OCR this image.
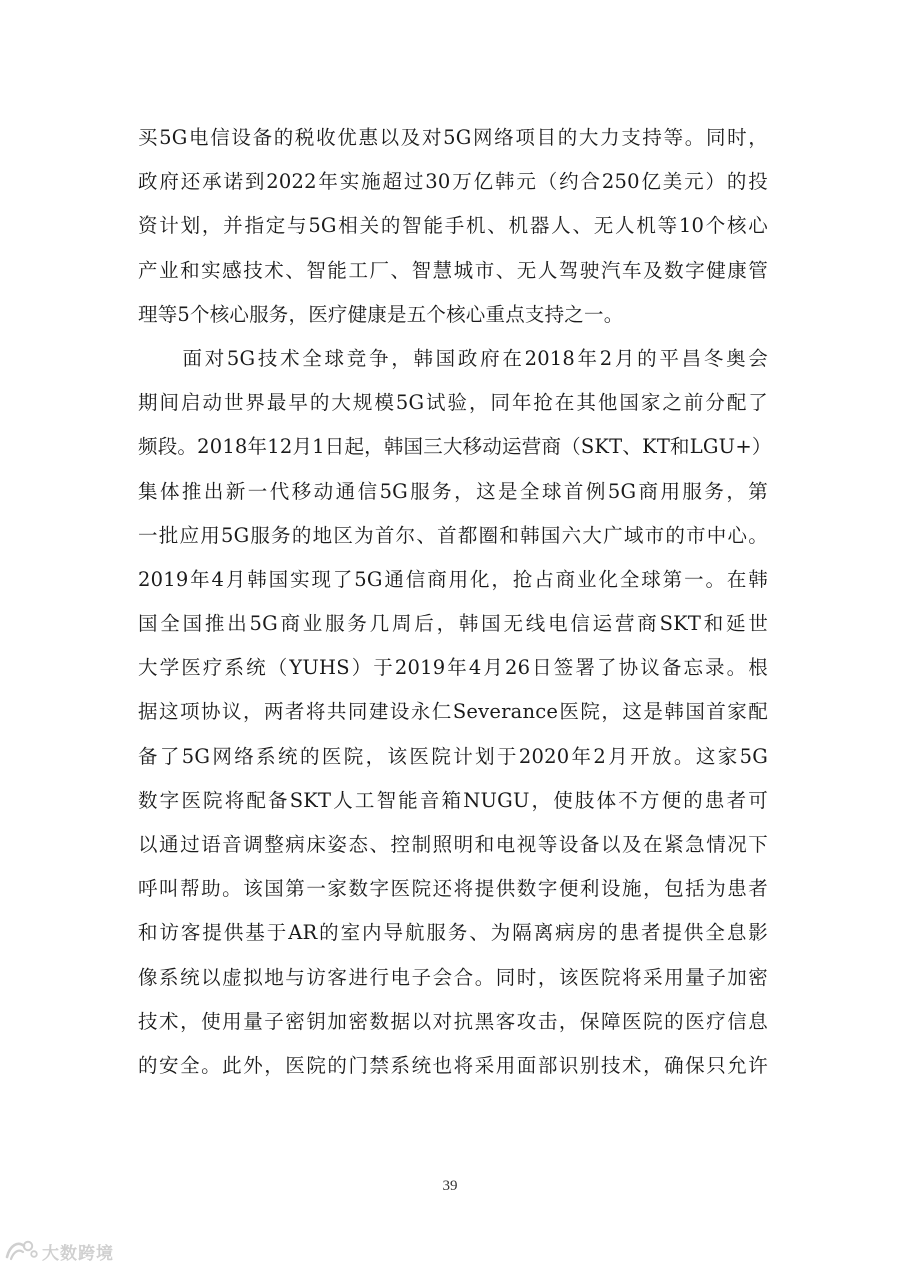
买5G电信设备的税收优惠以及对5G网络项目的大力支持等。同时，
政府还承诺到2022年实施超过30万亿韩元（约合250亿美元）的投
资计划，并指定与5G相关的智能手机、机器人、无人机等10个核心
产业和实感技术、智能工厂、智慧城市、无人驾驶汽车及数字健康管
理等5个核心服务，医疗健康是五个核心重点支持之一。
　　面对5G技术全球竞争，韩国政府在2018年2月的平昌冬奥会
期间启动世界最早的大规模5G试验，同年抢在其他国家之前分配了
频段。2018年12月1日起，韩国三大移动运营商（SKT、KT和LGU+）
集体推出新一代移动通信5G服务，这是全球首例5G商用服务，第
一批应用5G服务的地区为首尔、首都圈和韩国六大广域市的市中心。
2019年4月韩国实现了5G通信商用化，抢占商业化全球第一。在韩
国全国推出5G商业服务几周后，韩国无线电信运营商SKT和延世
大学医疗系统（YUHS）于2019年4月26日签署了协议备忘录。根
据这项协议，两者将共同建设永仁Severance医院，这是韩国首家配
备了5G网络系统的医院，该医院计划于2020年2月开放。这家5G
数字医院将配备SKT人工智能音箱NUGU，使肢体不方便的患者可
以通过语音调整病床姿态、控制照明和电视等设备以及在紧急情况下
呼叫帮助。该国第一家数字医院还将提供数字便利设施，包括为患者
和访客提供基于AR的室内导航服务、为隔离病房的患者提供全息影
像系统以虚拟地与访客进行电子会合。同时，该医院将采用量子加密
技术，使用量子密钥加密数据以对抗黑客攻击，保障医院的医疗信息
的安全。此外，医院的门禁系统也将采用面部识别技术，确保只允许
39
大数跨境
